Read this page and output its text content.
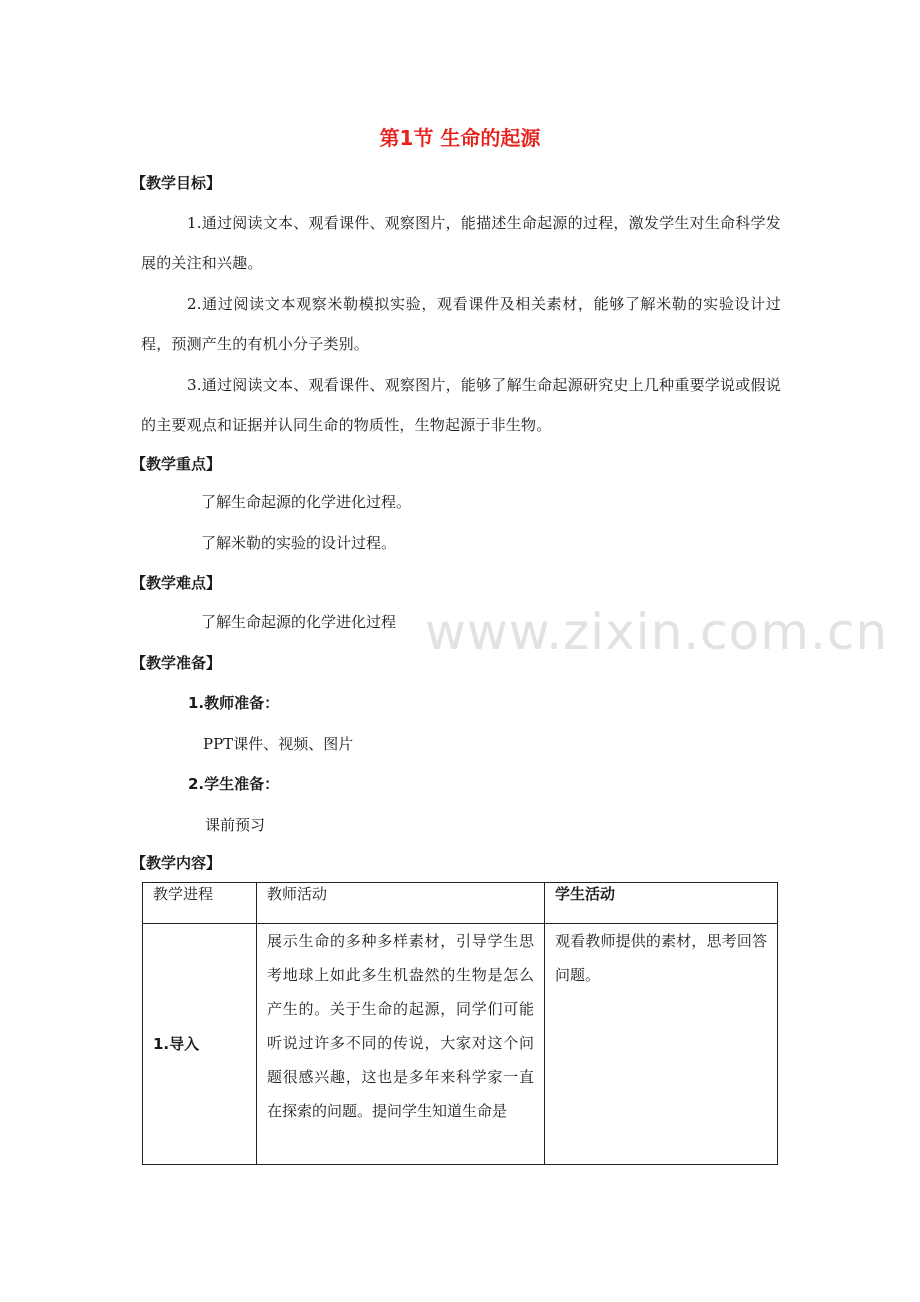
www.zixin.com.cn
第1节 生命的起源
【教学目标】
1.通过阅读文本、观看课件、观察图片，能描述生命起源的过程，激发学生对生命科学发展的关注和兴趣。
2.通过阅读文本观察米勒模拟实验，观看课件及相关素材，能够了解米勒的实验设计过程，预测产生的有机小分子类别。
3.通过阅读文本、观看课件、观察图片，能够了解生命起源研究史上几种重要学说或假说的主要观点和证据并认同生命的物质性，生物起源于非生物。
【教学重点】
了解生命起源的化学进化过程。
了解米勒的实验的设计过程。
【教学难点】
了解生命起源的化学进化过程
【教学准备】
1.教师准备：
PPT课件、视频、图片
2.学生准备：
课前预习
【教学内容】
教学进程	教师活动	学生活动
1.导入	展示生命的多种多样素材，引导学生思考地球上如此多生机盎然的生物是怎么产生的。关于生命的起源，同学们可能听说过许多不同的传说，大家对这个问题很感兴趣，这也是多年来科学家一直在探索的问题。提问学生知道生命是	观看教师提供的素材，思考回答问题。
